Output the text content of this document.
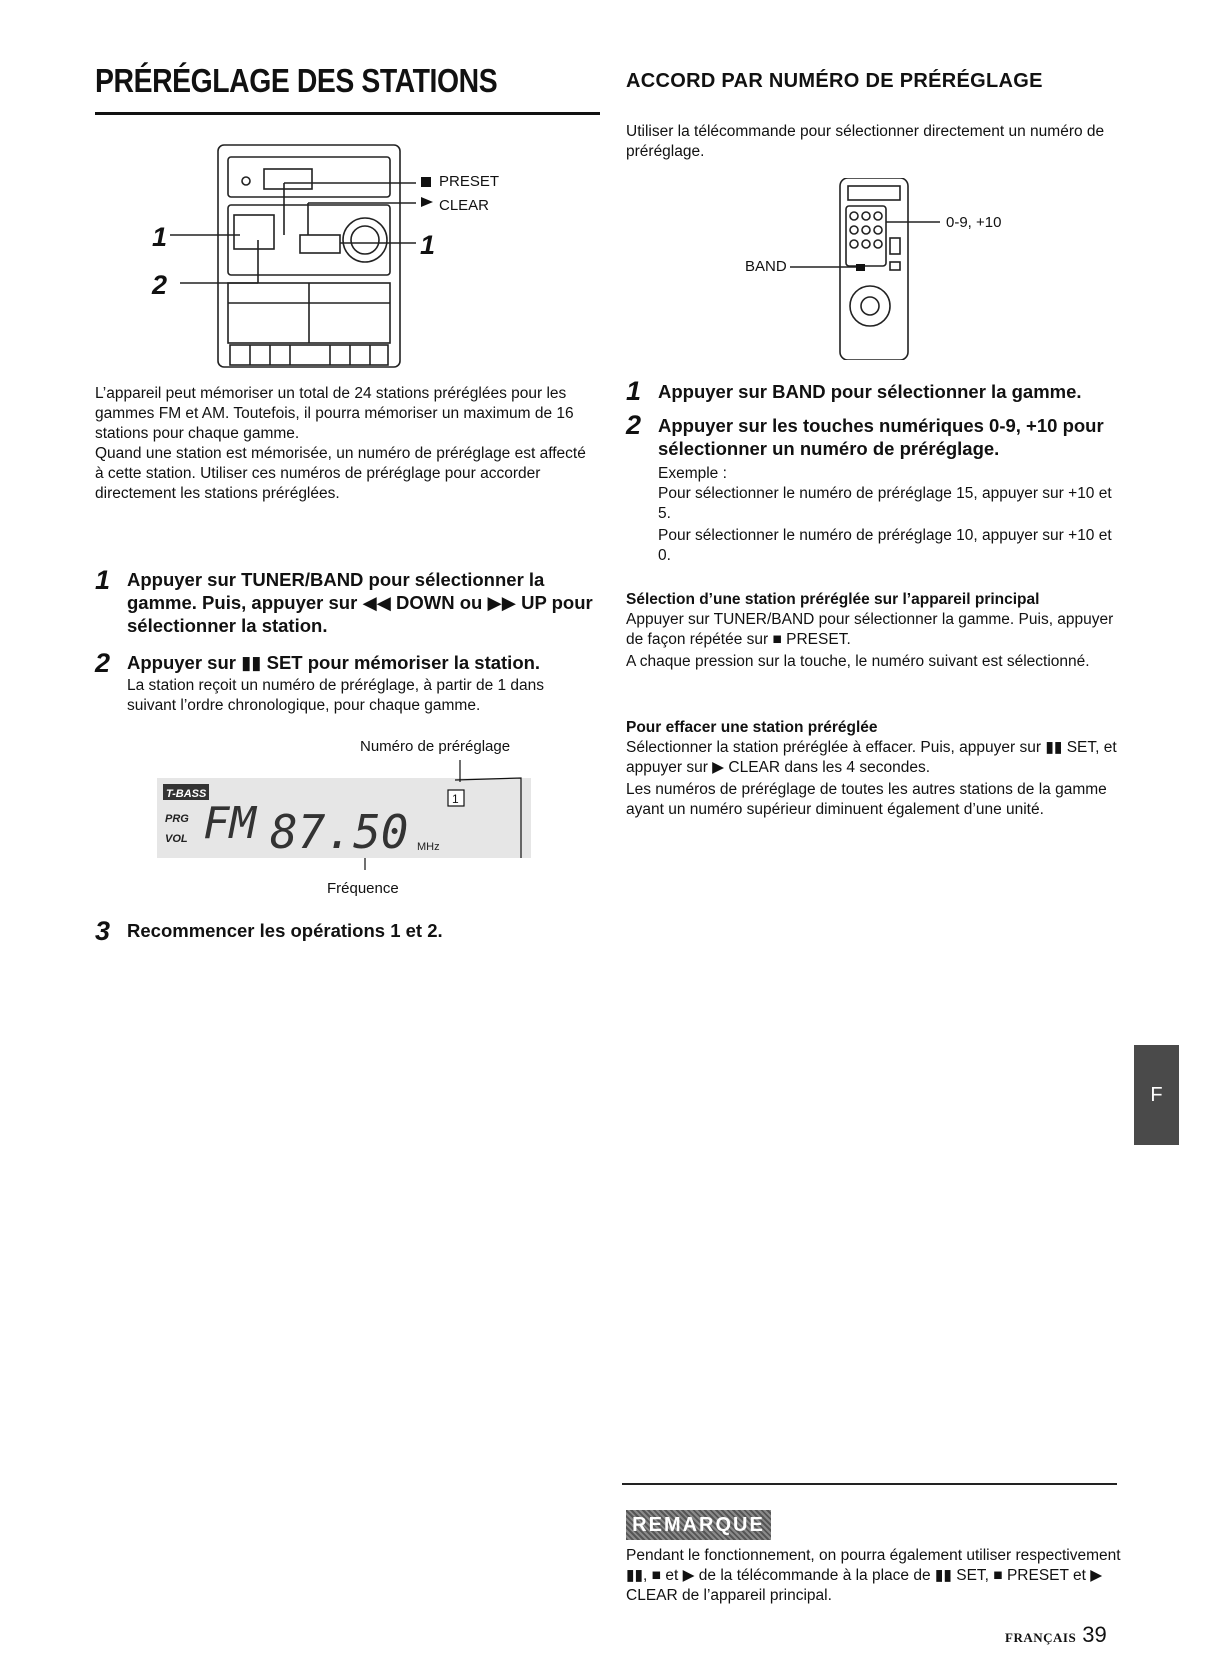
PRÉRÉGLAGE DES STATIONS	ACCORD PAR NUMÉRO DE PRÉRÉGLAGE
PRESET
CLEAR
1
2
1
L’appareil peut mémoriser un total de 24 stations préréglées pour les gammes FM et AM. Toutefois, il pourra mémoriser un maximum de 16 stations pour chaque gamme.
Quand une station est mémorisée, un numéro de préréglage est affecté à cette station. Utiliser ces numéros de préréglage pour accorder directement les stations préréglées.
1 Appuyer sur TUNER/BAND pour sélectionner la gamme. Puis, appuyer sur ◀◀ DOWN ou ▶▶ UP pour sélectionner la station.
2 Appuyer sur ▮▮ SET pour mémoriser la station.
La station reçoit un numéro de préréglage, à partir de 1 dans suivant l’ordre chronologique, pour chaque gamme.
Numéro de préréglage
T-BASS
PRG
VOL FM 87.50 MHz
1
Fréquence
3 Recommencer les opérations 1 et 2.
Utiliser la télécommande pour sélectionner directement un numéro de préréglage.
0-9, +10
BAND
1 Appuyer sur BAND pour sélectionner la gamme.
2 Appuyer sur les touches numériques 0-9, +10 pour sélectionner un numéro de préréglage.
Exemple :
Pour sélectionner le numéro de préréglage 15, appuyer sur +10 et 5.
Pour sélectionner le numéro de préréglage 10, appuyer sur +10 et 0.
Sélection d’une station préréglée sur l’appareil principal
Appuyer sur TUNER/BAND pour sélectionner la gamme. Puis, appuyer de façon répétée sur ■ PRESET.
A chaque pression sur la touche, le numéro suivant est sélectionné.
Pour effacer une station préréglée
Sélectionner la station préréglée à effacer. Puis, appuyer sur ▮▮ SET, et appuyer sur ▶ CLEAR dans les 4 secondes.
Les numéros de préréglage de toutes les autres stations de la gamme ayant un numéro supérieur diminuent également d’une unité.
F
REMARQUE
Pendant le fonctionnement, on pourra également utiliser respectivement ▮▮, ■ et ▶ de la télécommande à la place de ▮▮ SET, ■ PRESET et ▶ CLEAR de l’appareil principal.
FRANÇAIS 39
